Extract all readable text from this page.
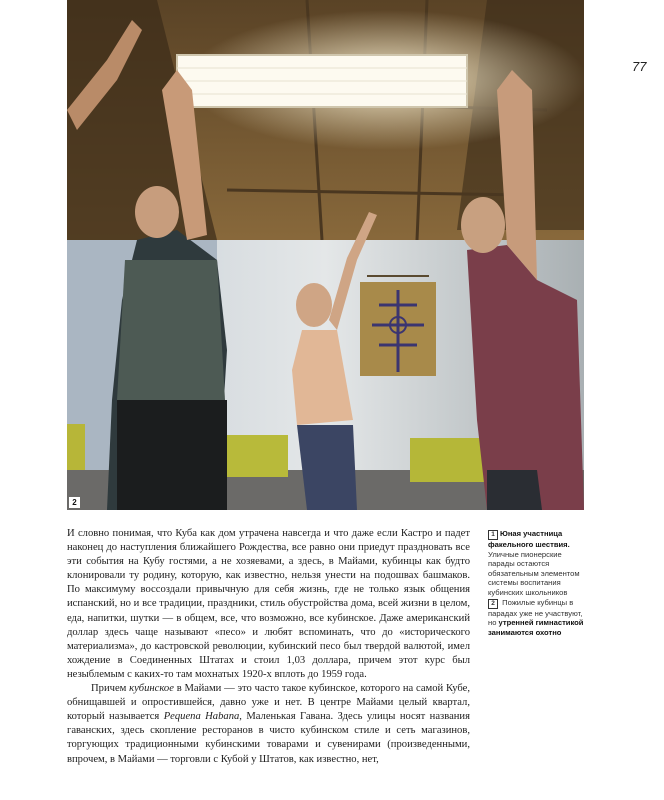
77
2

И словно понимая, что Куба как дом утрачена навсегда и что даже если Кастро и падет наконец до наступления ближайшего Рождества, все равно они приедут праздновать все эти события на Кубу гостями, а не хозяевами, а здесь, в Майами, кубинцы как будто клонировали ту родину, которую, как известно, нельзя унести на подошвах башмаков. По максимуму воссоздали привычную для себя жизнь, где не только язык общения испанский, но и все традиции, праздники, стиль обустройства дома, всей жизни в целом, еда, напитки, шутки — в общем, все, что возможно, все кубинское. Даже американский доллар здесь чаще называют «песо» и любят вспоминать, что до «исторического материализма», до кастровской революции, кубинский песо был твердой валютой, имел хождение в Соединенных Штатах и стоил 1,03 доллара, причем этот курс был незыблемым с каких-то там мохнатых 1920-х вплоть до 1959 года.

Причем кубинское в Майами — это часто такое кубинское, которого на самой Кубе, обнищавшей и опростившейся, давно уже и нет. В центре Майами целый квартал, который называется Pequena Habana, Маленькая Гавана. Здесь улицы носят названия гаванских, здесь скопление ресторанов в чисто кубинском стиле и сеть магазинов, торгующих традиционными кубинскими товарами и сувенирами (произведенными, впрочем, в Майами — торговли с Кубой у Штатов, как известно, нет,

1 Юная участница факельного шествия. Уличные пионерские парады остаются обязательным элементом системы воспитания кубинских школьников

2 Пожилые кубинцы в парадах уже не участвуют, но утренней гимнастикой занимаются охотно
